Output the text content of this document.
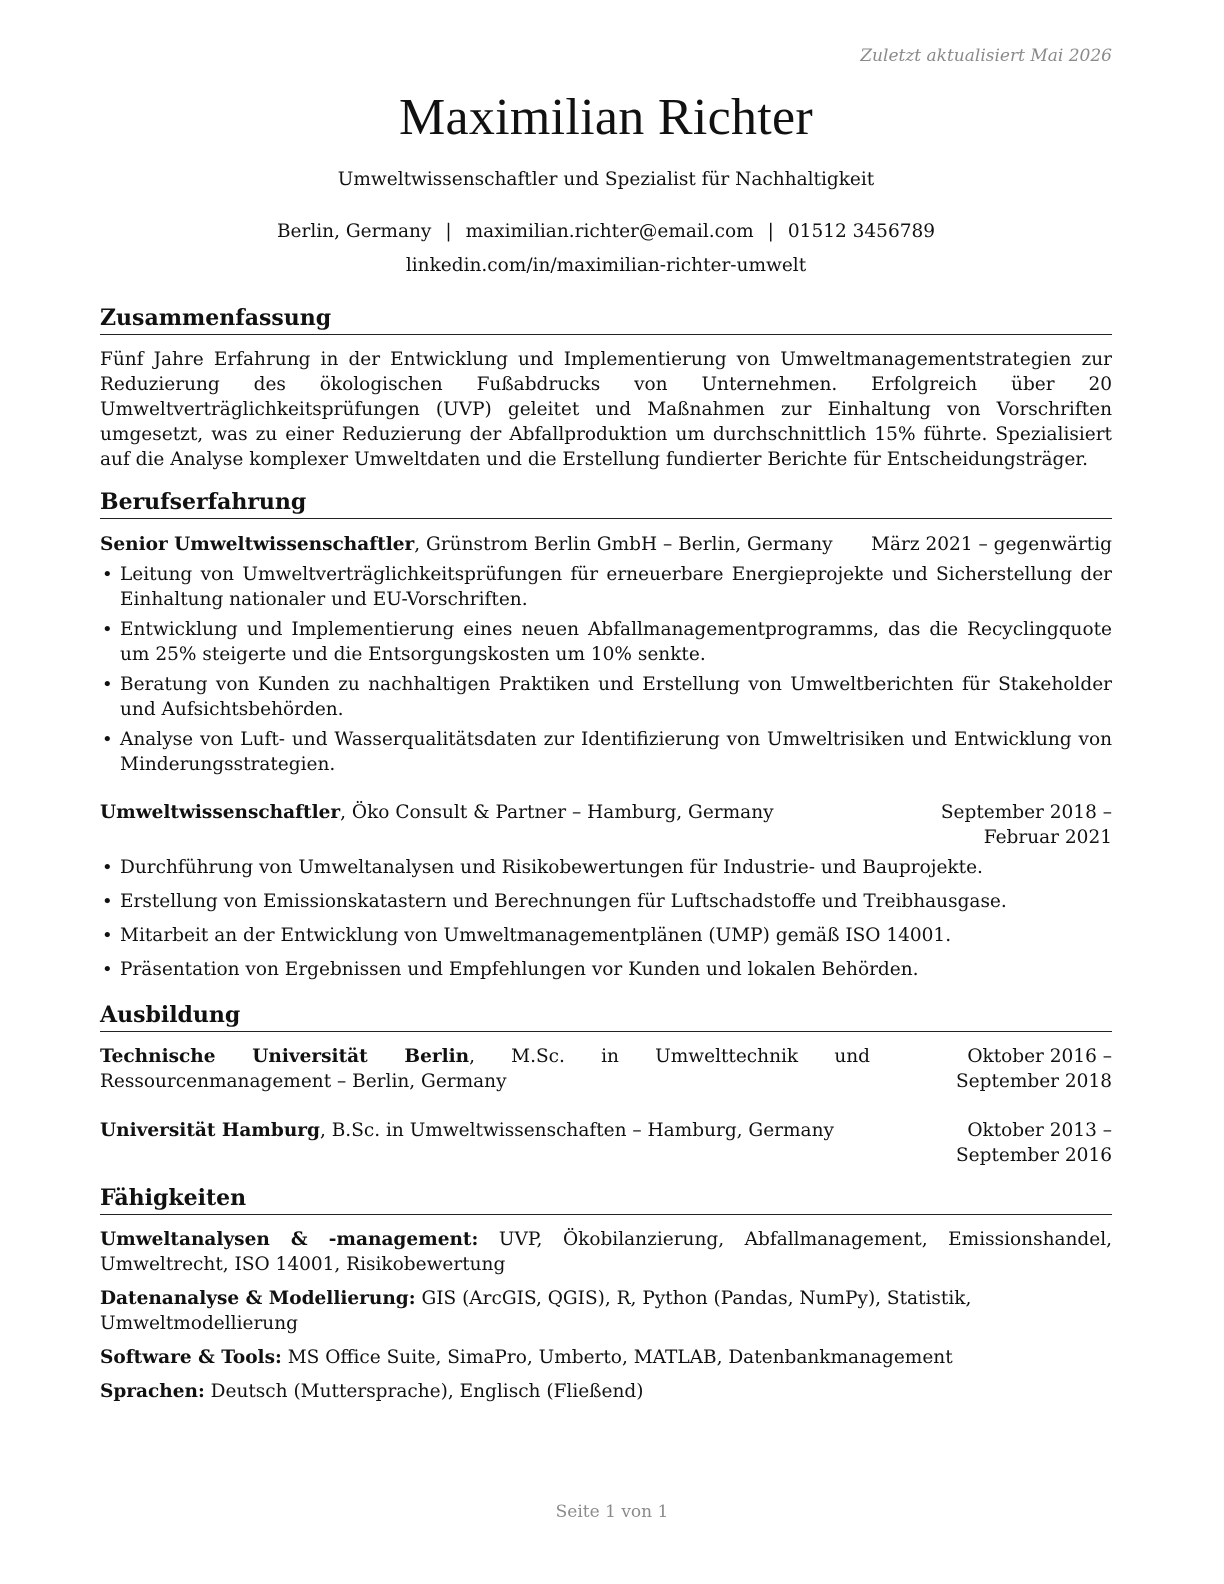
Zuletzt aktualisiert Mai 2026
Maximilian Richter
Umweltwissenschaftler und Spezialist für Nachhaltigkeit
Berlin, Germany | maximilian.richter@email.com | 01512 3456789
linkedin.com/in/maximilian-richter-umwelt
Zusammenfassung
Fünf Jahre Erfahrung in der Entwicklung und Implementierung von Umweltmanagementstrategien zur Reduzierung des ökologischen Fußabdrucks von Unternehmen. Erfolgreich über 20 Umweltverträglichkeitsprüfungen (UVP) geleitet und Maßnahmen zur Einhaltung von Vorschriften umgesetzt, was zu einer Reduzierung der Abfallproduktion um durchschnittlich 15% führte. Spezialisiert auf die Analyse komplexer Umweltdaten und die Erstellung fundierter Berichte für Entscheidungsträger.
Berufserfahrung
Senior Umweltwissenschaftler, Grünstrom Berlin GmbH – Berlin, Germany März 2021 – gegenwärtig
• Leitung von Umweltverträglichkeitsprüfungen für erneuerbare Energieprojekte und Sicherstellung der Einhaltung nationaler und EU-Vorschriften.
• Entwicklung und Implementierung eines neuen Abfallmanagementprogramms, das die Recyclingquote um 25% steigerte und die Entsorgungskosten um 10% senkte.
• Beratung von Kunden zu nachhaltigen Praktiken und Erstellung von Umweltberichten für Stakeholder und Aufsichtsbehörden.
• Analyse von Luft- und Wasserqualitätsdaten zur Identifizierung von Umweltrisiken und Entwicklung von Minderungsstrategien.
Umweltwissenschaftler, Öko Consult & Partner – Hamburg, Germany	September 2018 – Februar 2021
• Durchführung von Umweltanalysen und Risikobewertungen für Industrie- und Bauprojekte.
• Erstellung von Emissionskatastern und Berechnungen für Luftschadstoffe und Treibhausgase.
• Mitarbeit an der Entwicklung von Umweltmanagementplänen (UMP) gemäß ISO 14001.
• Präsentation von Ergebnissen und Empfehlungen vor Kunden und lokalen Behörden.
Ausbildung
Technische Universität Berlin, M.Sc. in Umwelttechnik und Ressourcenmanagement – Berlin, Germany
Oktober 2016 – September 2018
Universität Hamburg, B.Sc. in Umweltwissenschaften – Hamburg, Germany	Oktober 2013 – September 2016
Fähigkeiten

Umweltanalysen & -management: UVP, Ökobilanzierung, Abfallmanagement, Emissionshandel, Umweltrecht, ISO 14001, Risikobewertung

Datenanalyse & Modellierung: GIS (ArcGIS, QGIS), R, Python (Pandas, NumPy), Statistik, Umweltmodellierung

Software & Tools: MS Office Suite, SimaPro, Umberto, MATLAB, Datenbankmanagement

Sprachen: Deutsch (Muttersprache), Englisch (Fließend)

Seite 1 von 1
